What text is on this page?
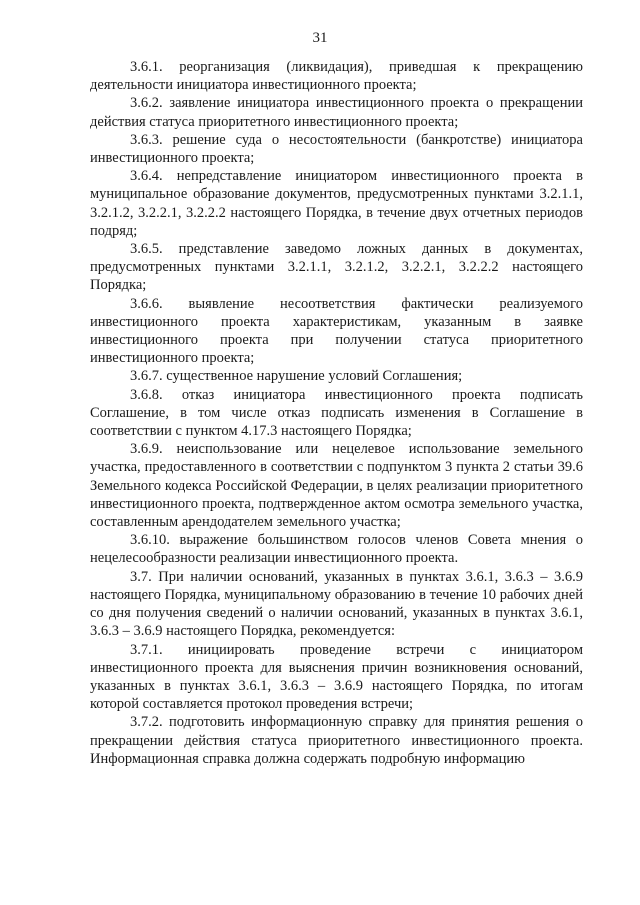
31

3.6.1. реорганизация (ликвидация), приведшая к прекращению деятельности инициатора инвестиционного проекта;

3.6.2. заявление инициатора инвестиционного проекта о прекращении действия статуса приоритетного инвестиционного проекта;

3.6.3. решение суда о несостоятельности (банкротстве) инициатора инвестиционного проекта;

3.6.4. непредставление инициатором инвестиционного проекта в муниципальное образование документов, предусмотренных пунктами 3.2.1.1, 3.2.1.2, 3.2.2.1, 3.2.2.2 настоящего Порядка, в течение двух отчетных периодов подряд;

3.6.5. представление заведомо ложных данных в документах, предусмотренных пунктами 3.2.1.1, 3.2.1.2, 3.2.2.1, 3.2.2.2 настоящего Порядка;

3.6.6. выявление несоответствия фактически реализуемого инвестиционного проекта характеристикам, указанным в заявке инвестиционного проекта при получении статуса приоритетного инвестиционного проекта;

3.6.7. существенное нарушение условий Соглашения;

3.6.8. отказ инициатора инвестиционного проекта подписать Соглашение, в том числе отказ подписать изменения в Соглашение в соответствии с пунктом 4.17.3 настоящего Порядка;

3.6.9. неиспользование или нецелевое использование земельного участка, предоставленного в соответствии с подпунктом 3 пункта 2 статьи 39.6 Земельного кодекса Российской Федерации, в целях реализации приоритетного инвестиционного проекта, подтвержденное актом осмотра земельного участка, составленным арендодателем земельного участка;

3.6.10. выражение большинством голосов членов Совета мнения о нецелесообразности реализации инвестиционного проекта.

3.7. При наличии оснований, указанных в пунктах 3.6.1, 3.6.3 – 3.6.9 настоящего Порядка, муниципальному образованию в течение 10 рабочих дней со дня получения сведений о наличии оснований, указанных в пунктах 3.6.1, 3.6.3 – 3.6.9 настоящего Порядка, рекомендуется:

3.7.1. инициировать проведение встречи с инициатором инвестиционного проекта для выяснения причин возникновения оснований, указанных в пунктах 3.6.1, 3.6.3 – 3.6.9 настоящего Порядка, по итогам которой составляется протокол проведения встречи;

3.7.2. подготовить информационную справку для принятия решения о прекращении действия статуса приоритетного инвестиционного проекта. Информационная справка должна содержать подробную информацию
